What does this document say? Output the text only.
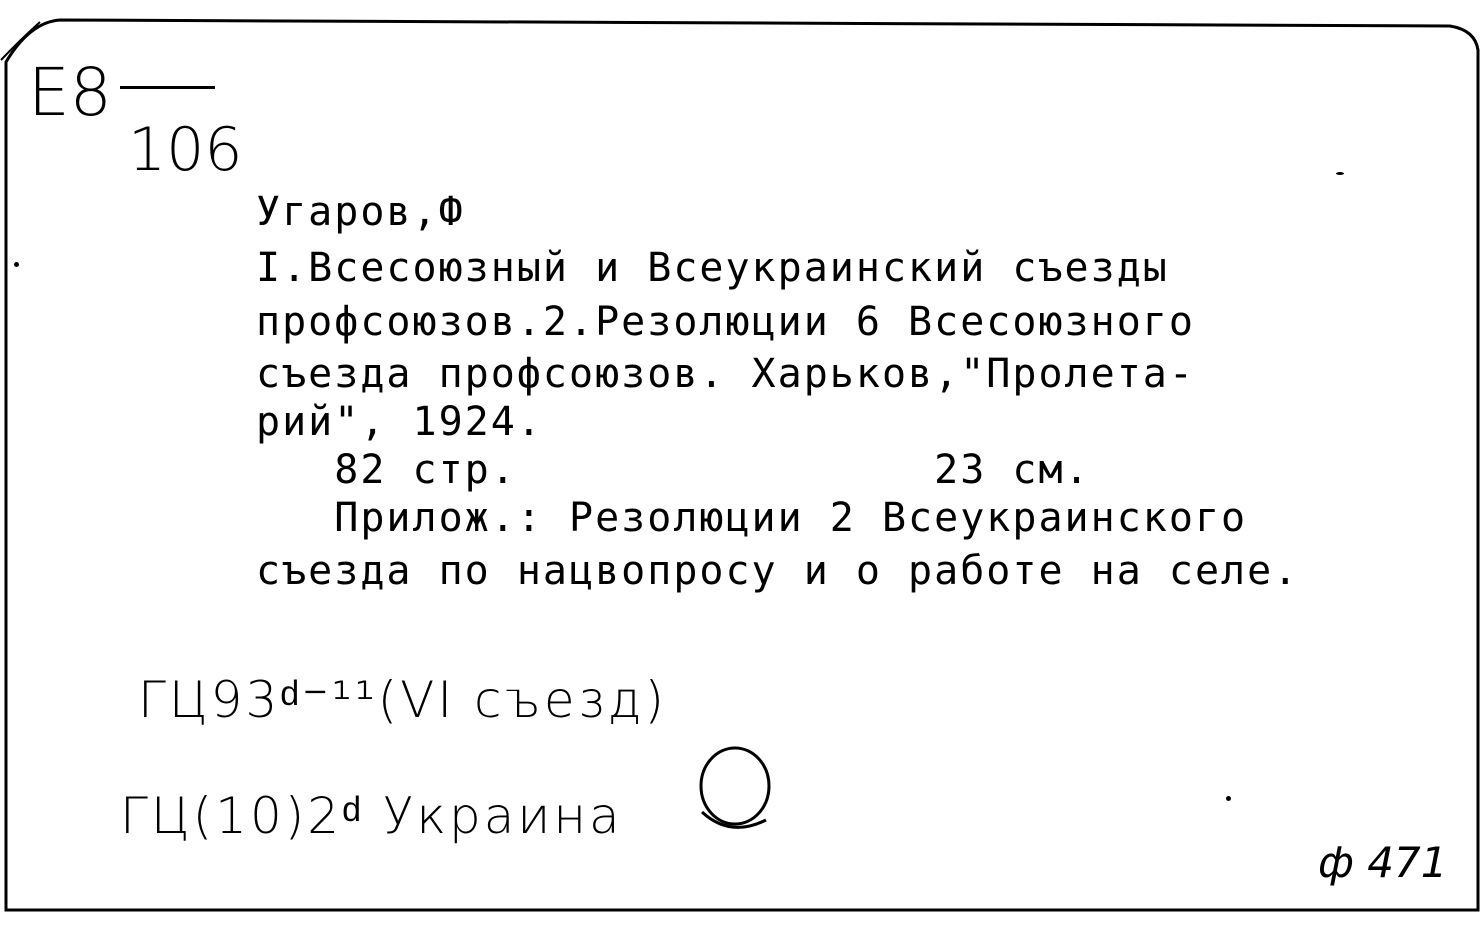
E8
106
Угаров,Ф
I.Всесоюзный и Всеукраинский съезды
профсоюзов.2.Резолюции 6 Всесоюзного
съезда профсоюзов. Харьков,"Пролета-
рий", 1924.
82 стр.                23 см.
Прилож.: Резолюции 2 Всеукраинского
съезда по нацвопросу и о работе на селе.
ГЦ93ᵈ⁻¹¹(VI съезд)
ГЦ(10)2ᵈ Украина
ф 471
